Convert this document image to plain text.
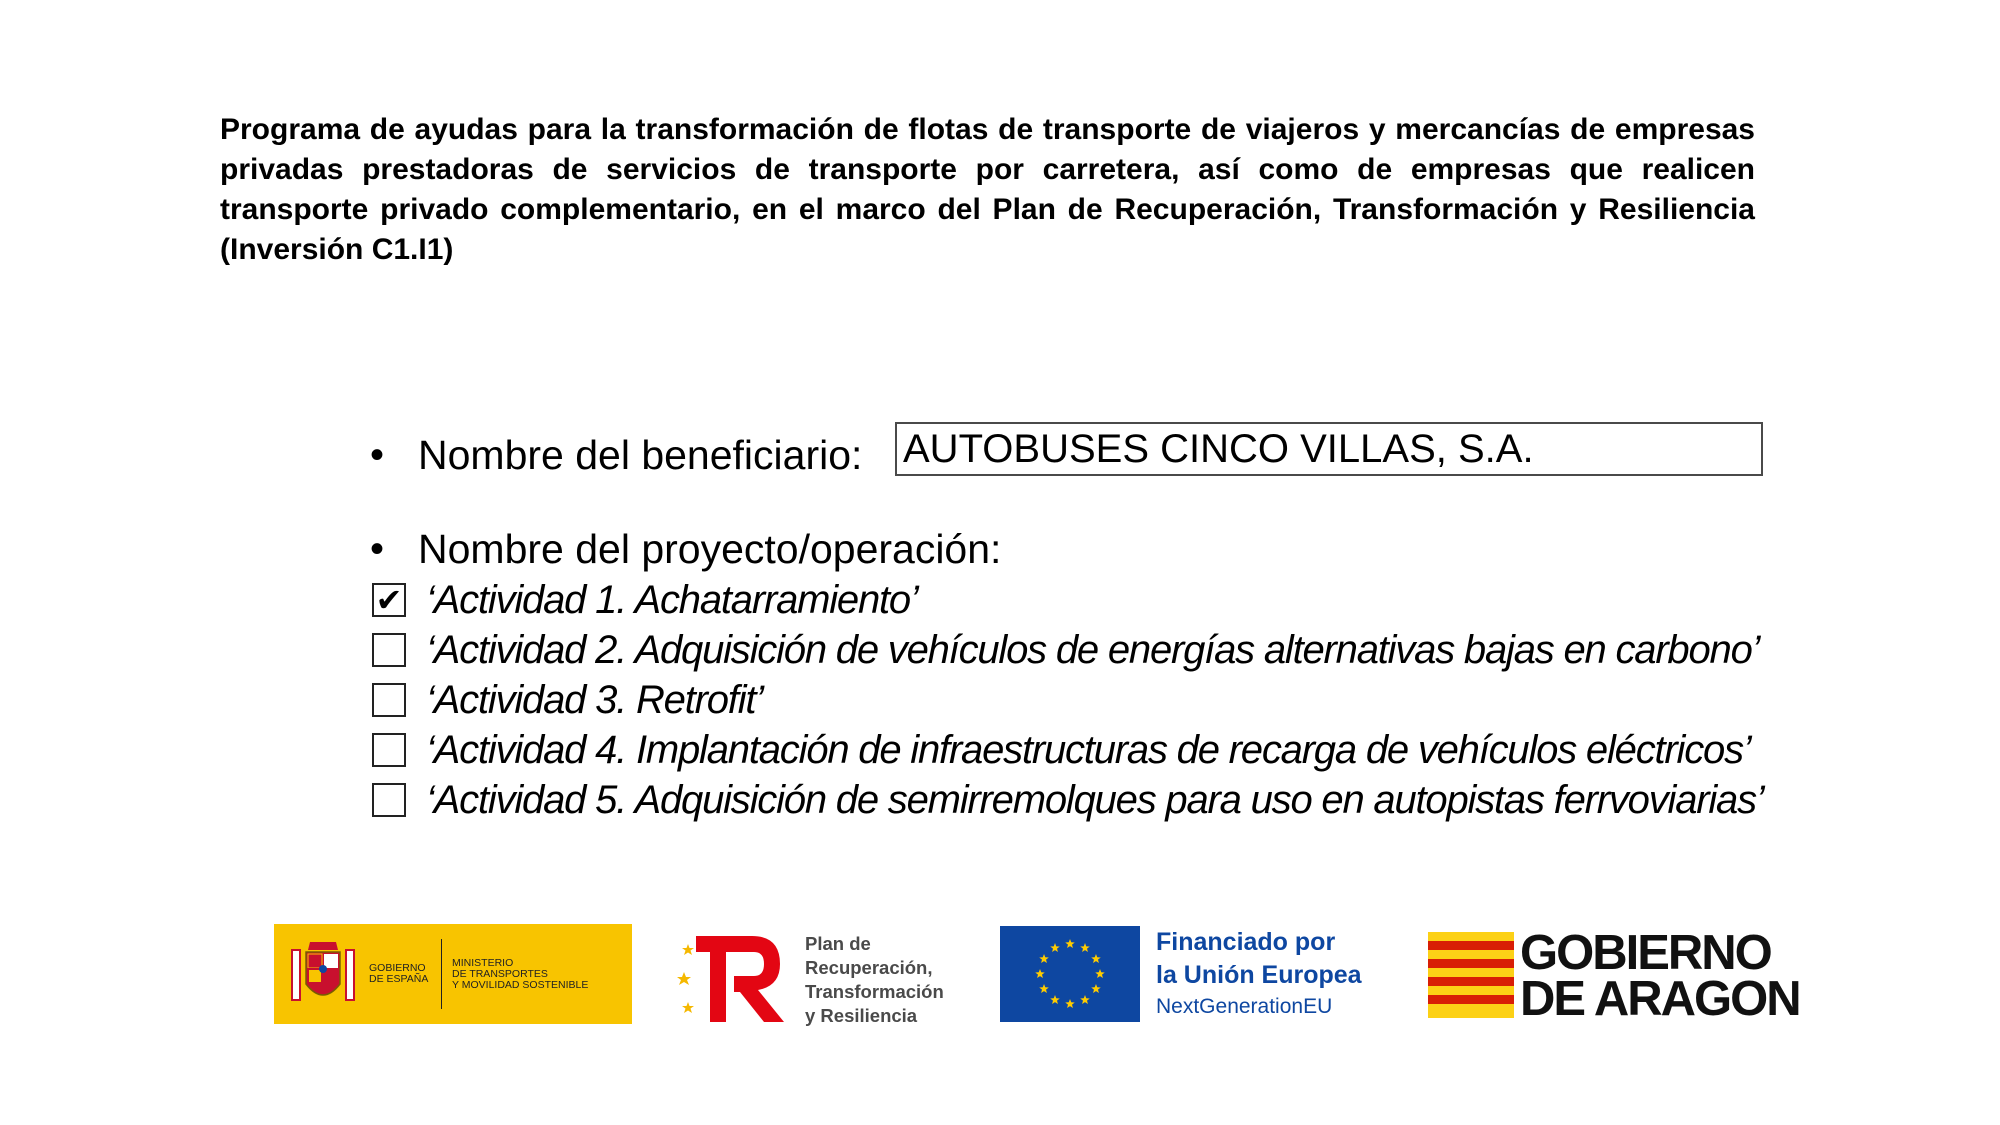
Programa de ayudas para la transformación de flotas de transporte de viajeros y mercancías de empresas privadas prestadoras de servicios de transporte por carretera, así como de empresas que realicen transporte privado complementario, en el marco del Plan de Recuperación, Transformación y Resiliencia (Inversión C1.I1)

• Nombre del beneficiario: AUTOBUSES CINCO VILLAS, S.A.
• Nombre del proyecto/operación:
✔ ‘Actividad 1. Achatarramiento’
‘Actividad 2. Adquisición de vehículos de energías alternativas bajas en carbono’
‘Actividad 3. Retrofit’
‘Actividad 4. Implantación de infraestructuras de recarga de vehículos eléctricos’
‘Actividad 5. Adquisición de semirremolques para uso en autopistas ferrvoviarias’
GOBIERNO
DE ESPAÑA
MINISTERIO
DE TRANSPORTES
Y MOVILIDAD SOSTENIBLE
Plan de
Recuperación,
Transformación
y Resiliencia
Financiado por
la Unión Europea
NextGenerationEU
GOBIERNO
DE ARAGON
